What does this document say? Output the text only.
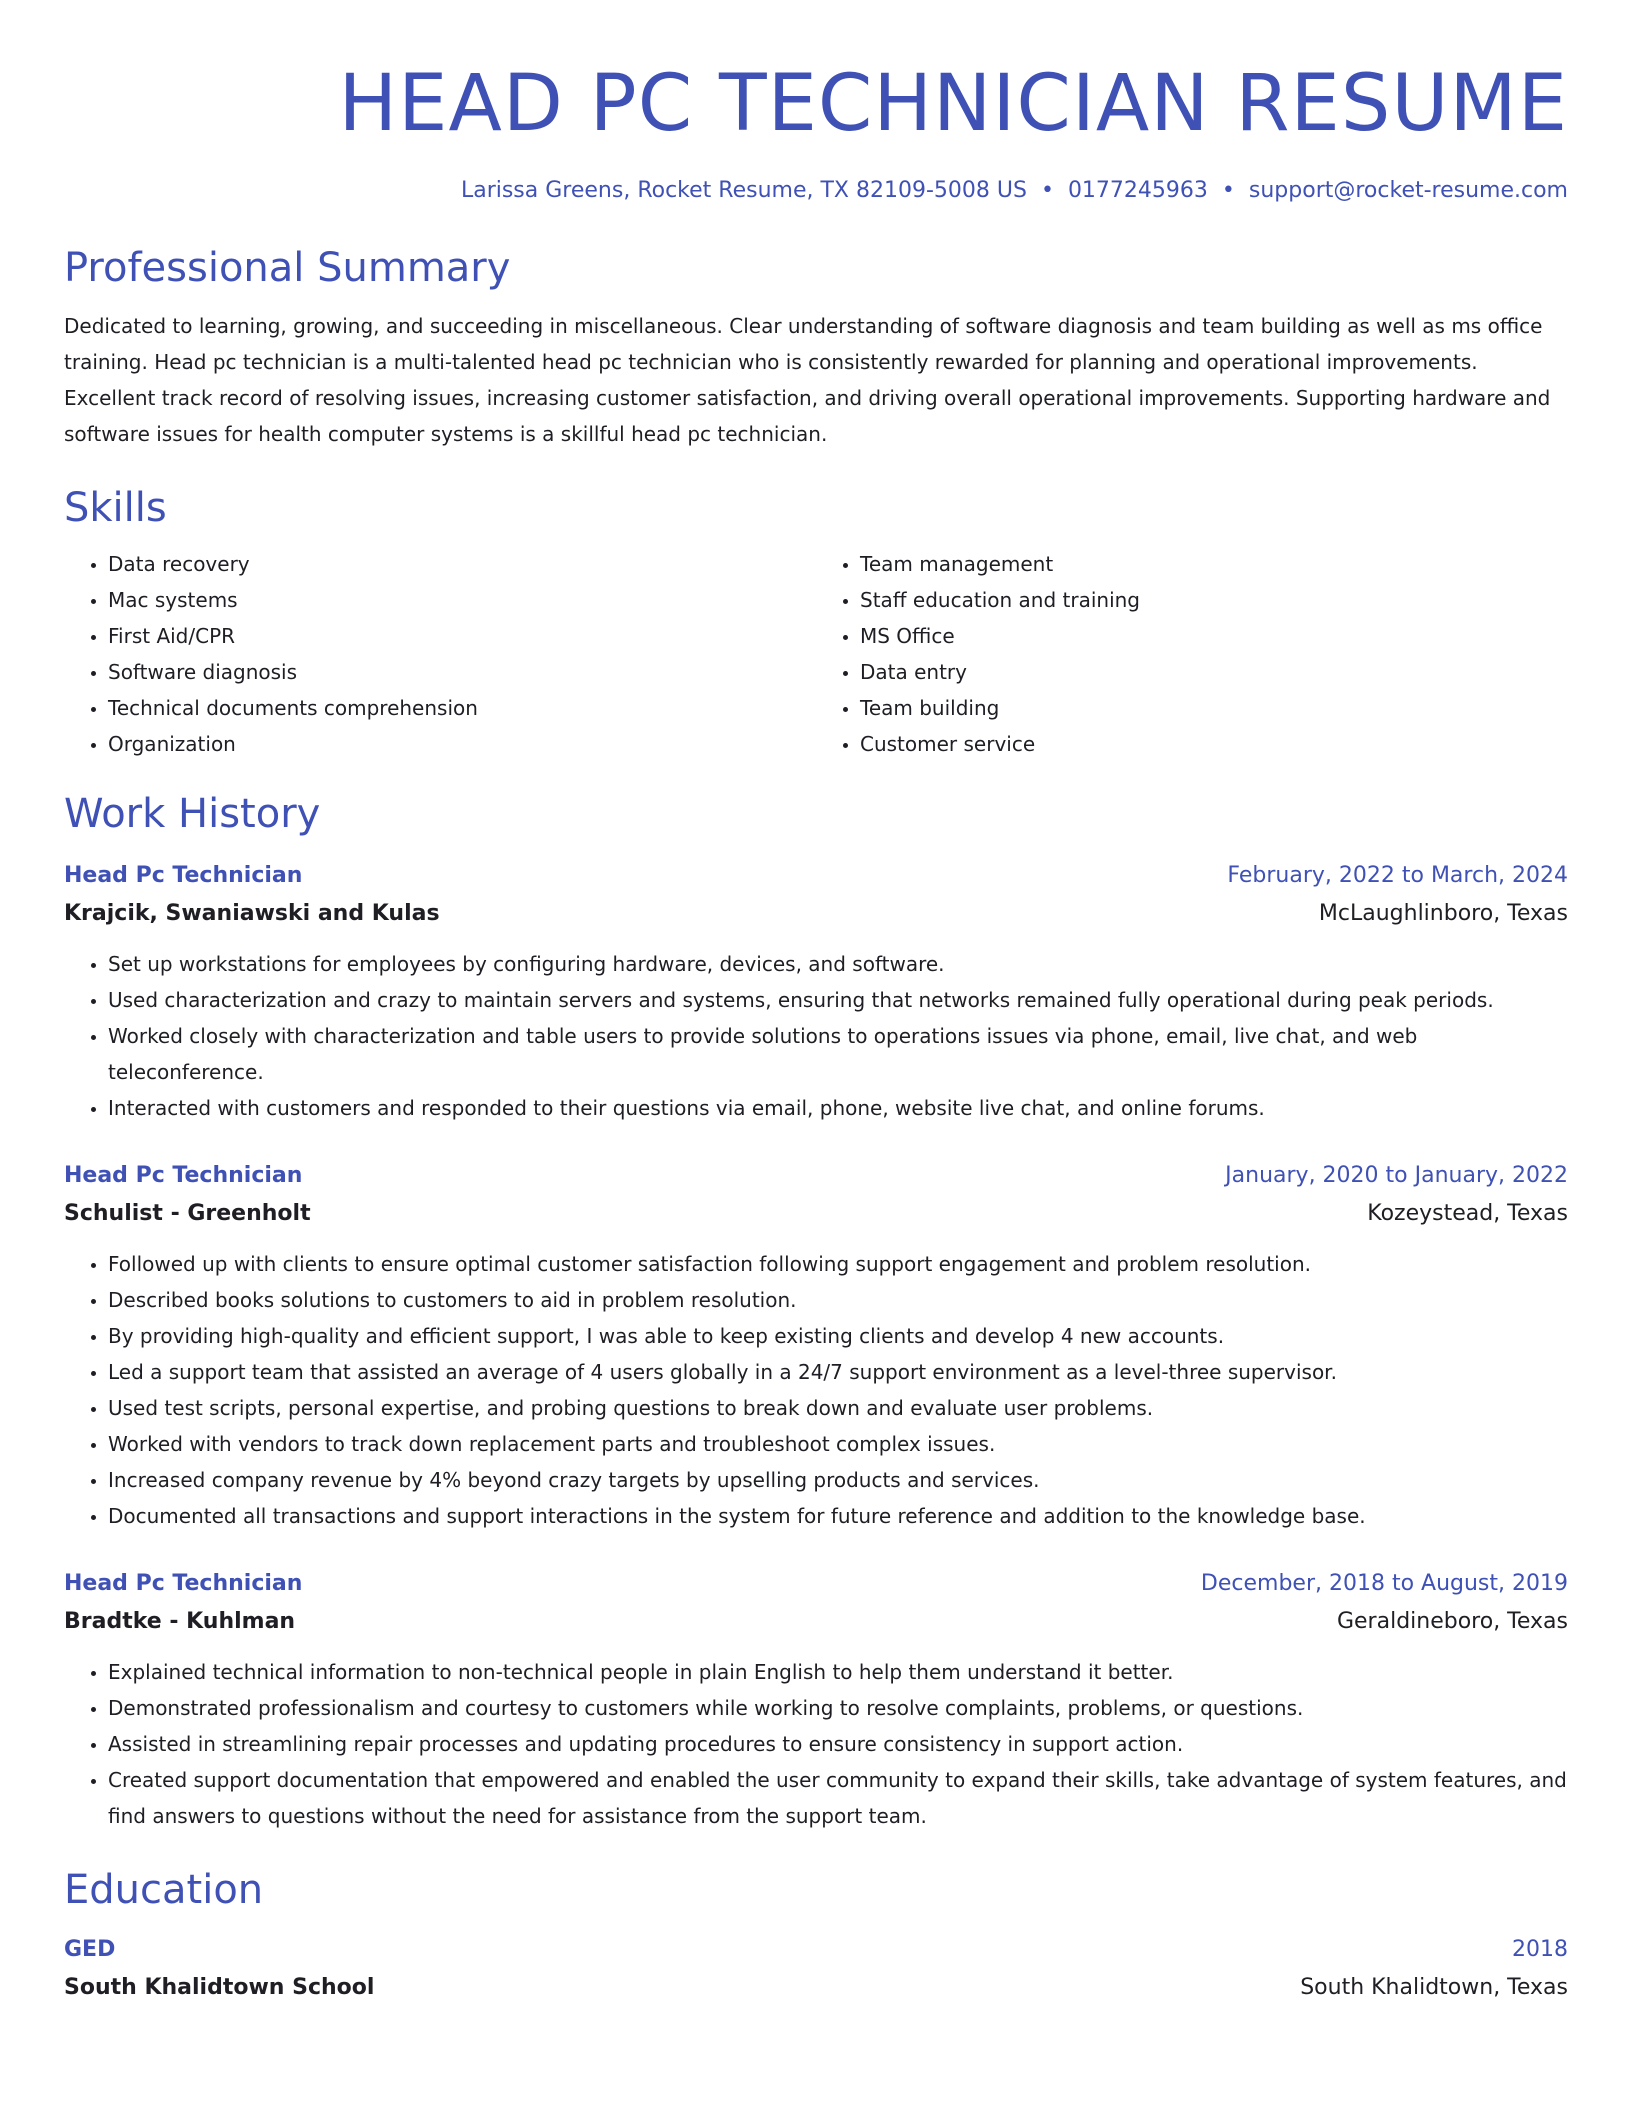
HEAD PC TECHNICIAN RESUME
Larissa Greens, Rocket Resume, TX 82109-5008 US • 0177245963 • support@rocket-resume.com
Professional Summary
Dedicated to learning, growing, and succeeding in miscellaneous. Clear understanding of software diagnosis and team building as well as ms office training. Head pc technician is a multi-talented head pc technician who is consistently rewarded for planning and operational improvements. Excellent track record of resolving issues, increasing customer satisfaction, and driving overall operational improvements. Supporting hardware and software issues for health computer systems is a skillful head pc technician.
Skills
• Data recovery
• Mac systems
• First Aid/CPR
• Software diagnosis
• Technical documents comprehension
• Organization
• Team management
• Staff education and training
• MS Office
• Data entry
• Team building
• Customer service
Work History
Head Pc Technician	February, 2022 to March, 2024
Krajcik, Swaniawski and Kulas	McLaughlinboro, Texas
• Set up workstations for employees by configuring hardware, devices, and software.
• Used characterization and crazy to maintain servers and systems, ensuring that networks remained fully operational during peak periods.
• Worked closely with characterization and table users to provide solutions to operations issues via phone, email, live chat, and web teleconference.
• Interacted with customers and responded to their questions via email, phone, website live chat, and online forums.
Head Pc Technician	January, 2020 to January, 2022
Schulist - Greenholt	Kozeystead, Texas
• Followed up with clients to ensure optimal customer satisfaction following support engagement and problem resolution.
• Described books solutions to customers to aid in problem resolution.
• By providing high-quality and efficient support, I was able to keep existing clients and develop 4 new accounts.
• Led a support team that assisted an average of 4 users globally in a 24/7 support environment as a level-three supervisor.
• Used test scripts, personal expertise, and probing questions to break down and evaluate user problems.
• Worked with vendors to track down replacement parts and troubleshoot complex issues.
• Increased company revenue by 4% beyond crazy targets by upselling products and services.
• Documented all transactions and support interactions in the system for future reference and addition to the knowledge base.
Head Pc Technician	December, 2018 to August, 2019
Bradtke - Kuhlman	Geraldineboro, Texas
• Explained technical information to non-technical people in plain English to help them understand it better.
• Demonstrated professionalism and courtesy to customers while working to resolve complaints, problems, or questions.
• Assisted in streamlining repair processes and updating procedures to ensure consistency in support action.
• Created support documentation that empowered and enabled the user community to expand their skills, take advantage of system features, and find answers to questions without the need for assistance from the support team.
Education
GED	2018
South Khalidtown School	South Khalidtown, Texas
